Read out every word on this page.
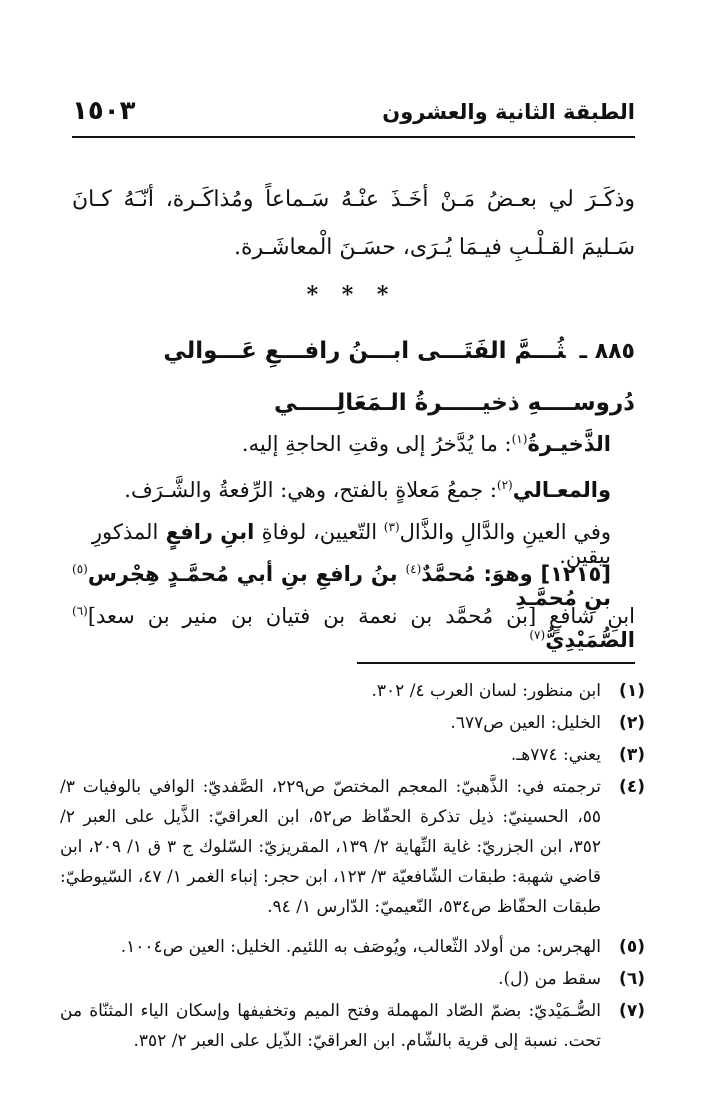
الطبقة الثانية والعشرون
١٥٠٣
وذكَـرَ لي بعـضُ مَـنْ أخَـذَ عنْـهُ سَـماعاً ومُذاكَـرة، أنّـَهُ كـانَ سَـليمَ القـلْـبِ فيـمَا يُـرَى، حسَـنَ الْمعاشَـرة.
* * *
٨٨٥ ـثُـــمَّ الفَتَـــى ابـــنُ رافـــعِ عَـــوالي
دُروســــهِ ذخيـــــرةُ الـمَعَالِـــــي
الذَّخيـرةُ$^{(١)}$: ما يُدَّخرُ إلى وقتِ الحاجةِ إليه.
والمعـالي$^{(٢)}$: جمعُ مَعلاةٍ بالفتح، وهي: الرِّفعةُ والشَّـرَف.
وفي العينِ والدَّالِ والذَّال$^{(٣)}$ التّعيين، لوفاةِ ابنِ رافعٍ المذكورِ بيقين.
[١٢١٥] وهوَ: مُحمَّدٌ$^{(٤)}$ بنُ رافعِ بنِ أبي مُحمَّـدٍ هِجْرس$^{(٥)}$ بنِ مُحمَّـدِ
ابنِ شافعٍ [بن مُحمَّد بن نعمة بن فتيان بن منير بن سعد]$^{(٦)}$ الصُّمَيْدِيُّ$^{(٧)}$
(١)
ابن منظور: لسان العرب ٤/ ٣٠٢.
(٢)
الخليل: العين ص٦٧٧.
(٣)
يعني: ٧٧٤هـ.
(٤)
ترجمته في: الذَّهبيّ: المعجم المختصّ ص٢٢٩، الصَّفديّ: الوافي بالوفيات ٣/ ٥٥، الحسينيّ: ذيل تذكرة الحفّاظ ص٥٢، ابن العراقيّ: الذَّيل على العبر ٢/ ٣٥٢، ابن الجزريّ: غاية النِّهاية ٢/ ١٣٩، المقريزيّ: السّلوك ج ٣ ق ١/ ٢٠٩، ابن قاضي شهبة: طبقات الشّافعيّة ٣/ ١٢٣، ابن حجر: إنباء الغمر ١/ ٤٧، السّيوطيّ: طبقات الحفّاظ ص٥٣٤، النّعيميّ: الدّارس ١/ ٩٤.
(٥)
الهجرس: من أولاد الثّعالب، ويُوصَف به اللئيم. الخليل: العين ص١٠٠٤.
(٦)
سقط من (ل).
(٧)
الصُّـمَيْديّ: بضمّ الصّاد المهملة وفتح الميم وتخفيفها وإسكان الياء المثنّاة من تحت. نسبة إلى قرية بالشّام. ابن العراقيّ: الذّيل على العبر ٢/ ٣٥٢.
